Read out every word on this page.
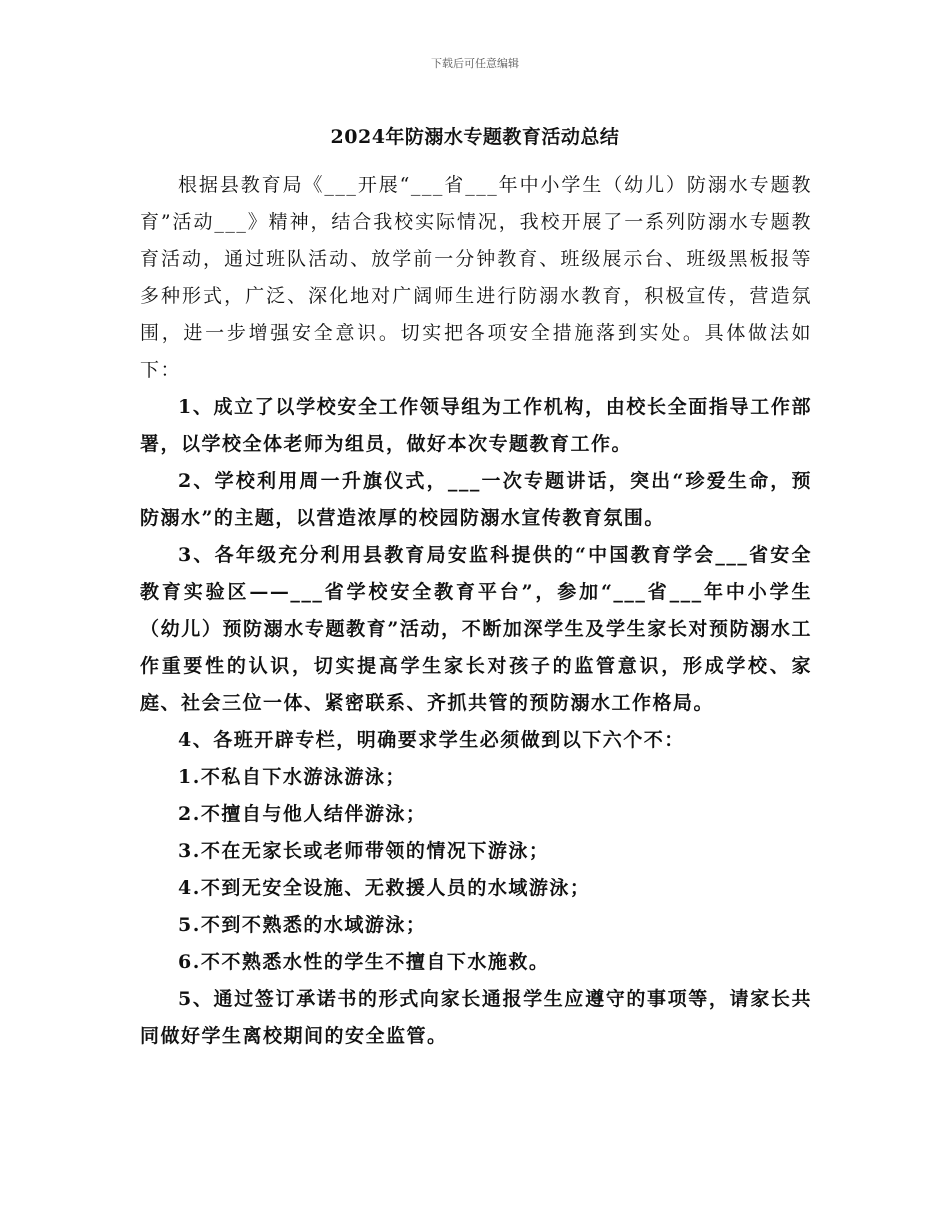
下载后可任意编辑
2024年防溺水专题教育活动总结

根据县教育局《___开展“___省___年中小学生（幼儿）防溺水专题教育”活动___》精神，结合我校实际情况，我校开展了一系列防溺水专题教育活动，通过班队活动、放学前一分钟教育、班级展示台、班级黑板报等多种形式，广泛、深化地对广阔师生进行防溺水教育，积极宣传，营造氛围，进一步增强安全意识。切实把各项安全措施落到实处。具体做法如下：

1、成立了以学校安全工作领导组为工作机构，由校长全面指导工作部署，以学校全体老师为组员，做好本次专题教育工作。

2、学校利用周一升旗仪式，___一次专题讲话，突出“珍爱生命，预防溺水”的主题，以营造浓厚的校园防溺水宣传教育氛围。

3、各年级充分利用县教育局安监科提供的“中国教育学会___省安全教育实验区——___省学校安全教育平台”，参加“___省___年中小学生（幼儿）预防溺水专题教育”活动，不断加深学生及学生家长对预防溺水工作重要性的认识，切实提高学生家长对孩子的监管意识，形成学校、家庭、社会三位一体、紧密联系、齐抓共管的预防溺水工作格局。

4、各班开辟专栏，明确要求学生必须做到以下六个不：

1.不私自下水游泳游泳；

2.不擅自与他人结伴游泳；

3.不在无家长或老师带领的情况下游泳；

4.不到无安全设施、无救援人员的水域游泳；

5.不到不熟悉的水域游泳；

6.不不熟悉水性的学生不擅自下水施救。

5、通过签订承诺书的形式向家长通报学生应遵守的事项等，请家长共同做好学生离校期间的安全监管。
